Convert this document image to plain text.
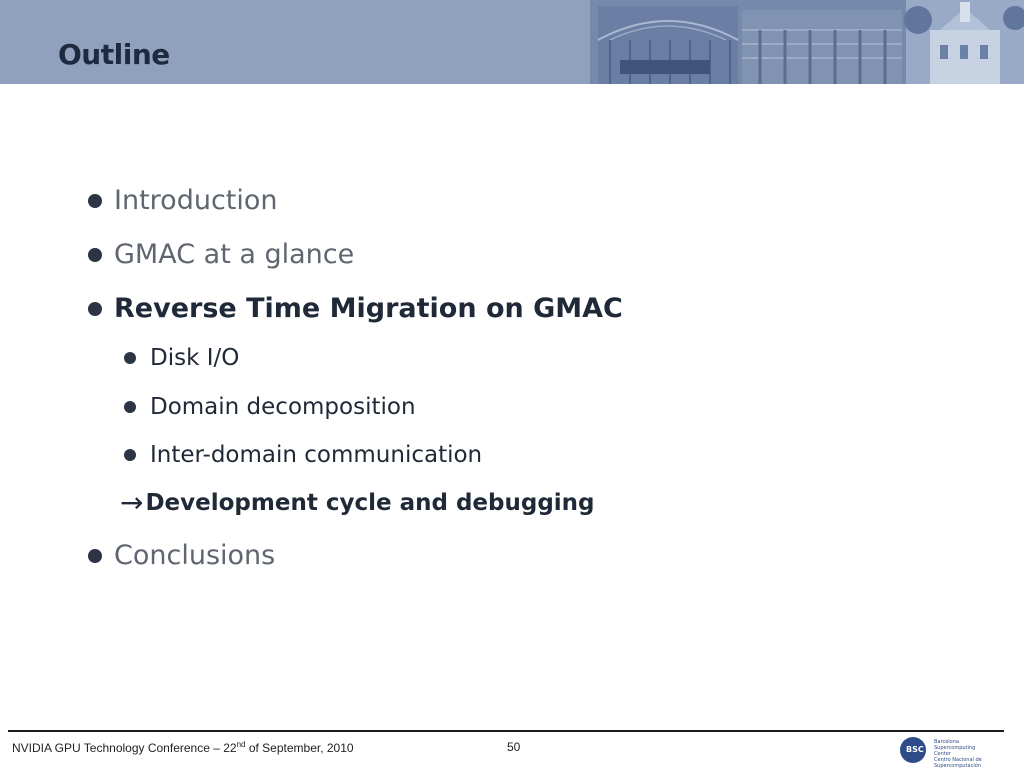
Outline
Introduction
GMAC at a glance
Reverse Time Migration on GMAC
Disk I/O
Domain decomposition
Inter-domain communication
→ Development cycle and debugging
Conclusions
NVIDIA GPU Technology Conference – 22nd of September, 2010	50	BSC
Barcelona
Supercomputing
Center
Centro Nacional de Supercomputación
